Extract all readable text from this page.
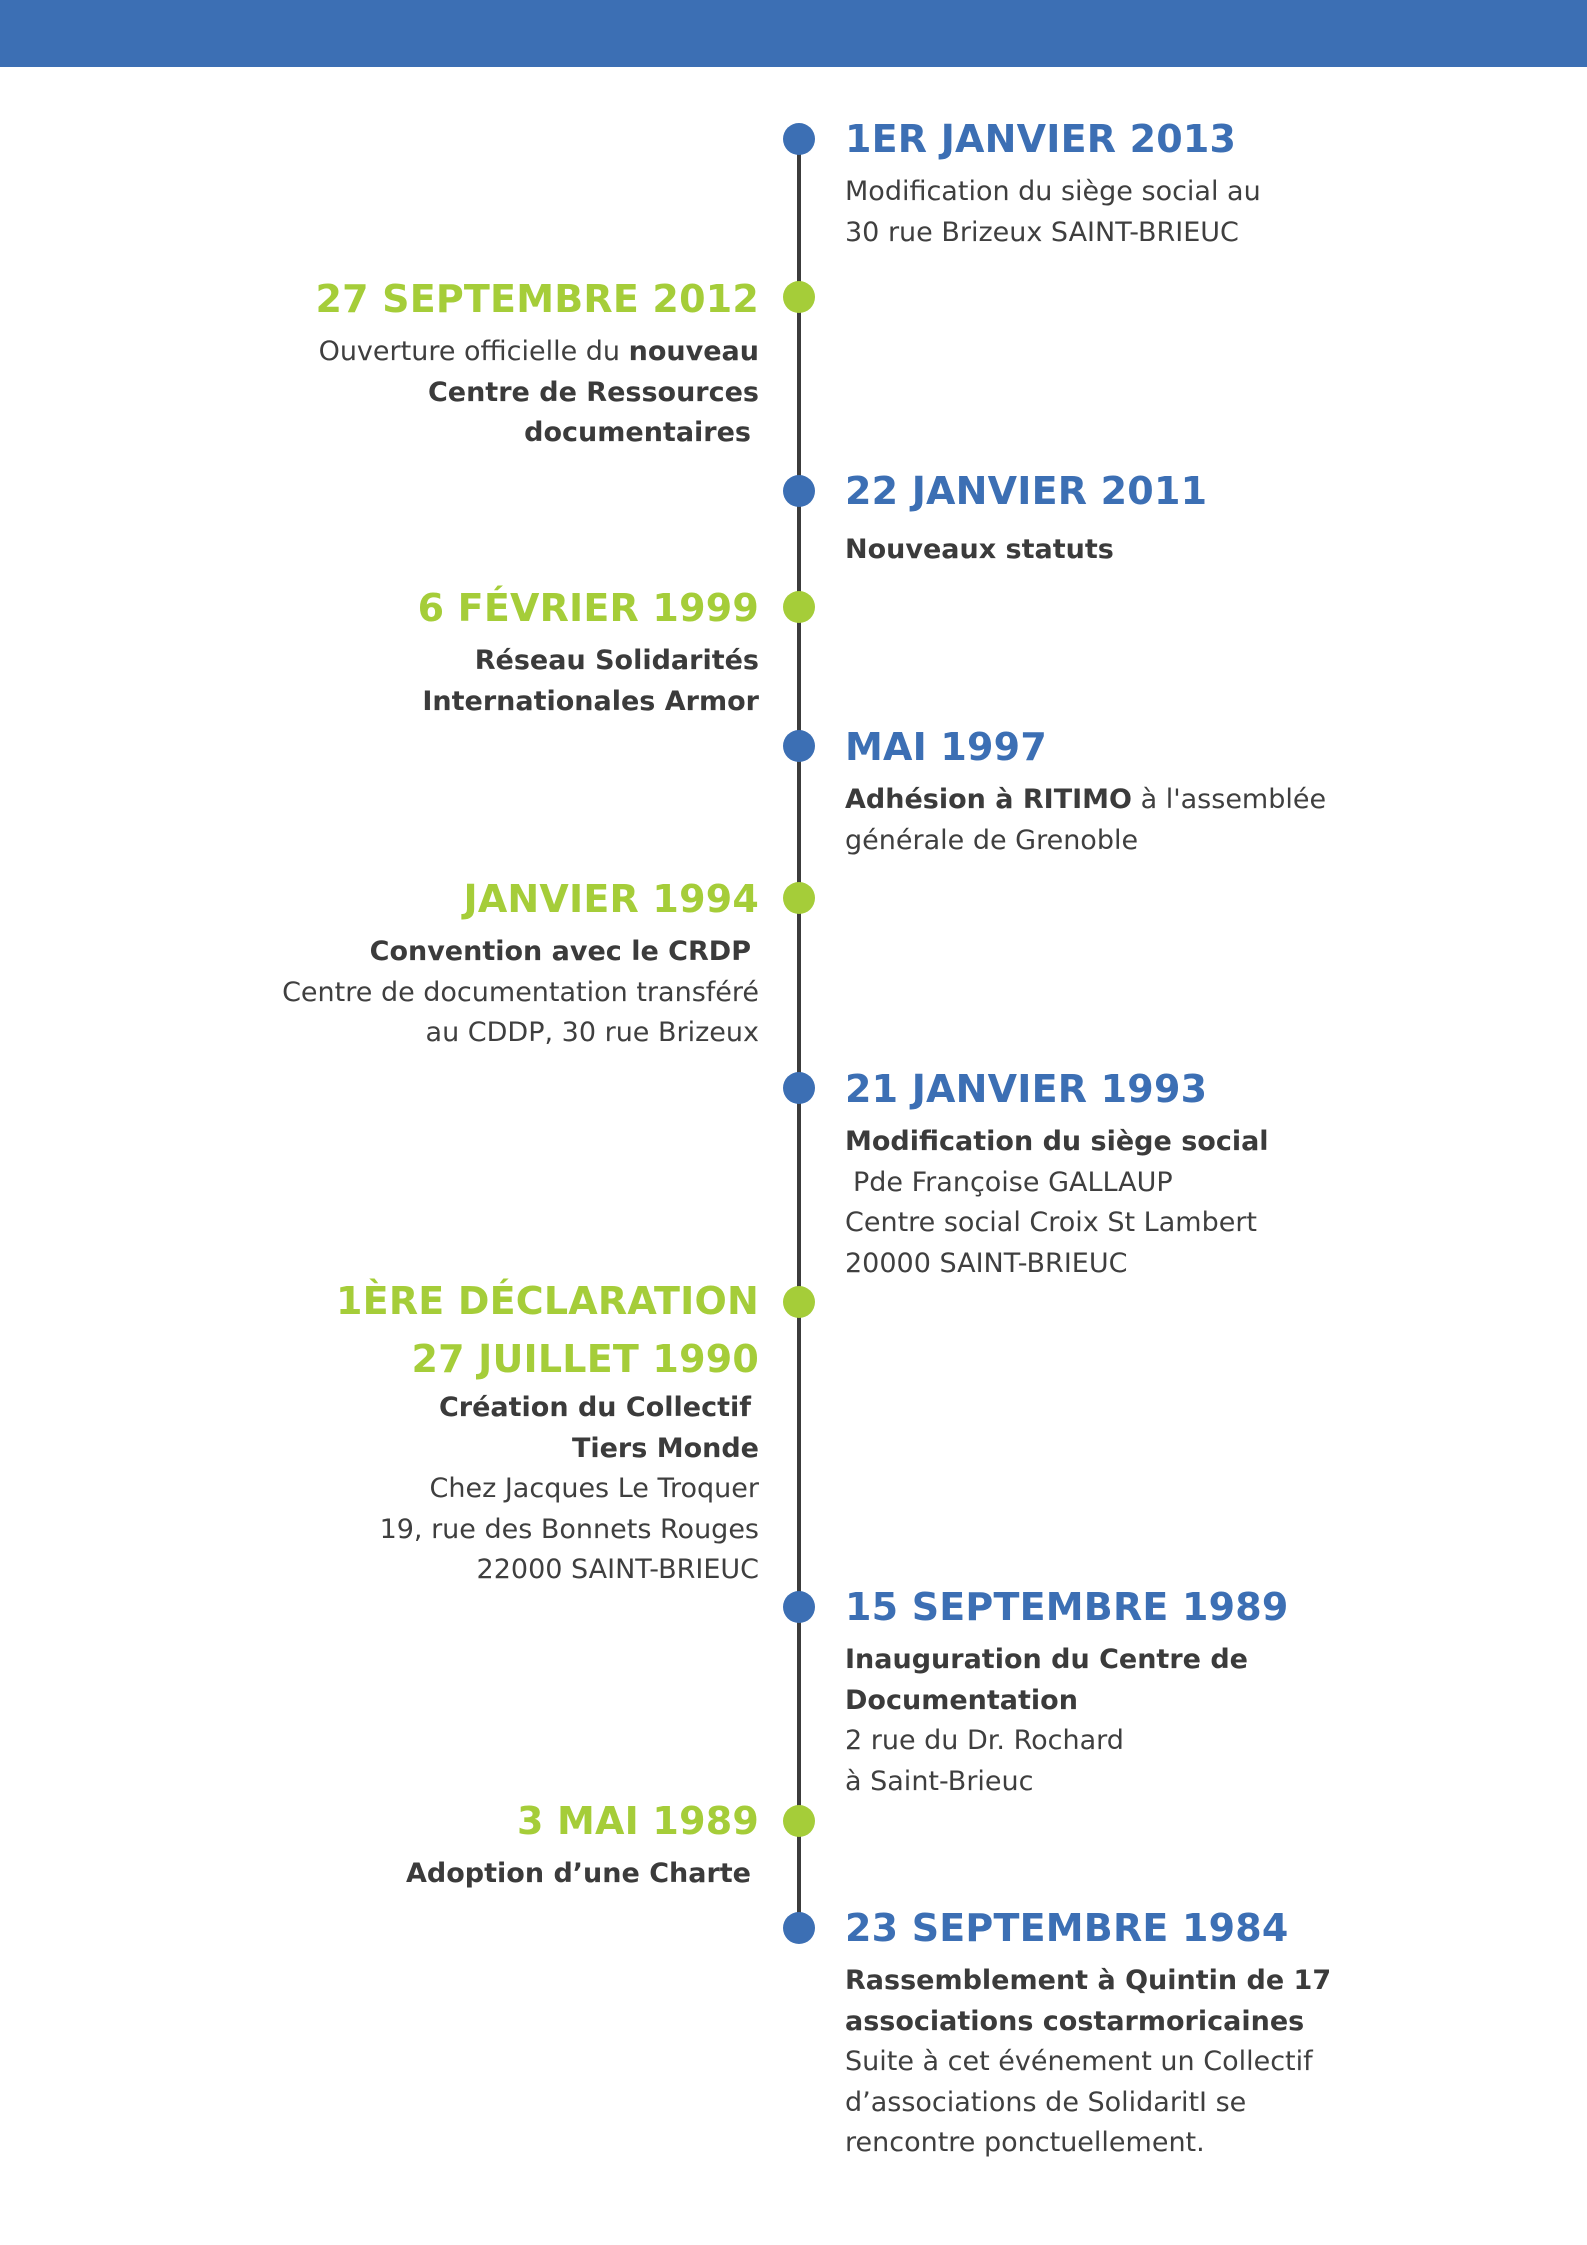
1ER JANVIER 2013
Modification du siège social au
30 rue Brizeux SAINT-BRIEUC
27 SEPTEMBRE 2012
Ouverture officielle du nouveau
Centre de Ressources
documentaires
22 JANVIER 2011
Nouveaux statuts
6 FÉVRIER 1999
Réseau Solidarités
Internationales Armor
MAI 1997
Adhésion à RITIMO à l'assemblée
générale de Grenoble
JANVIER 1994
Convention avec le CRDP
Centre de documentation transféré
au CDDP, 30 rue Brizeux
21 JANVIER 1993
Modification du siège social
Pde Françoise GALLAUP
Centre social Croix St Lambert
20000 SAINT-BRIEUC
1ÈRE DÉCLARATION
27 JUILLET 1990
Création du Collectif
Tiers Monde
Chez Jacques Le Troquer
19, rue des Bonnets Rouges
22000 SAINT-BRIEUC
15 SEPTEMBRE 1989
Inauguration du Centre de
Documentation
2 rue du Dr. Rochard
à Saint-Brieuc
3 MAI 1989
Adoption d’une Charte
23 SEPTEMBRE 1984
Rassemblement à Quintin de 17
associations costarmoricaines
Suite à cet événement un Collectif
d’associations de SolidaritI se
rencontre ponctuellement.
